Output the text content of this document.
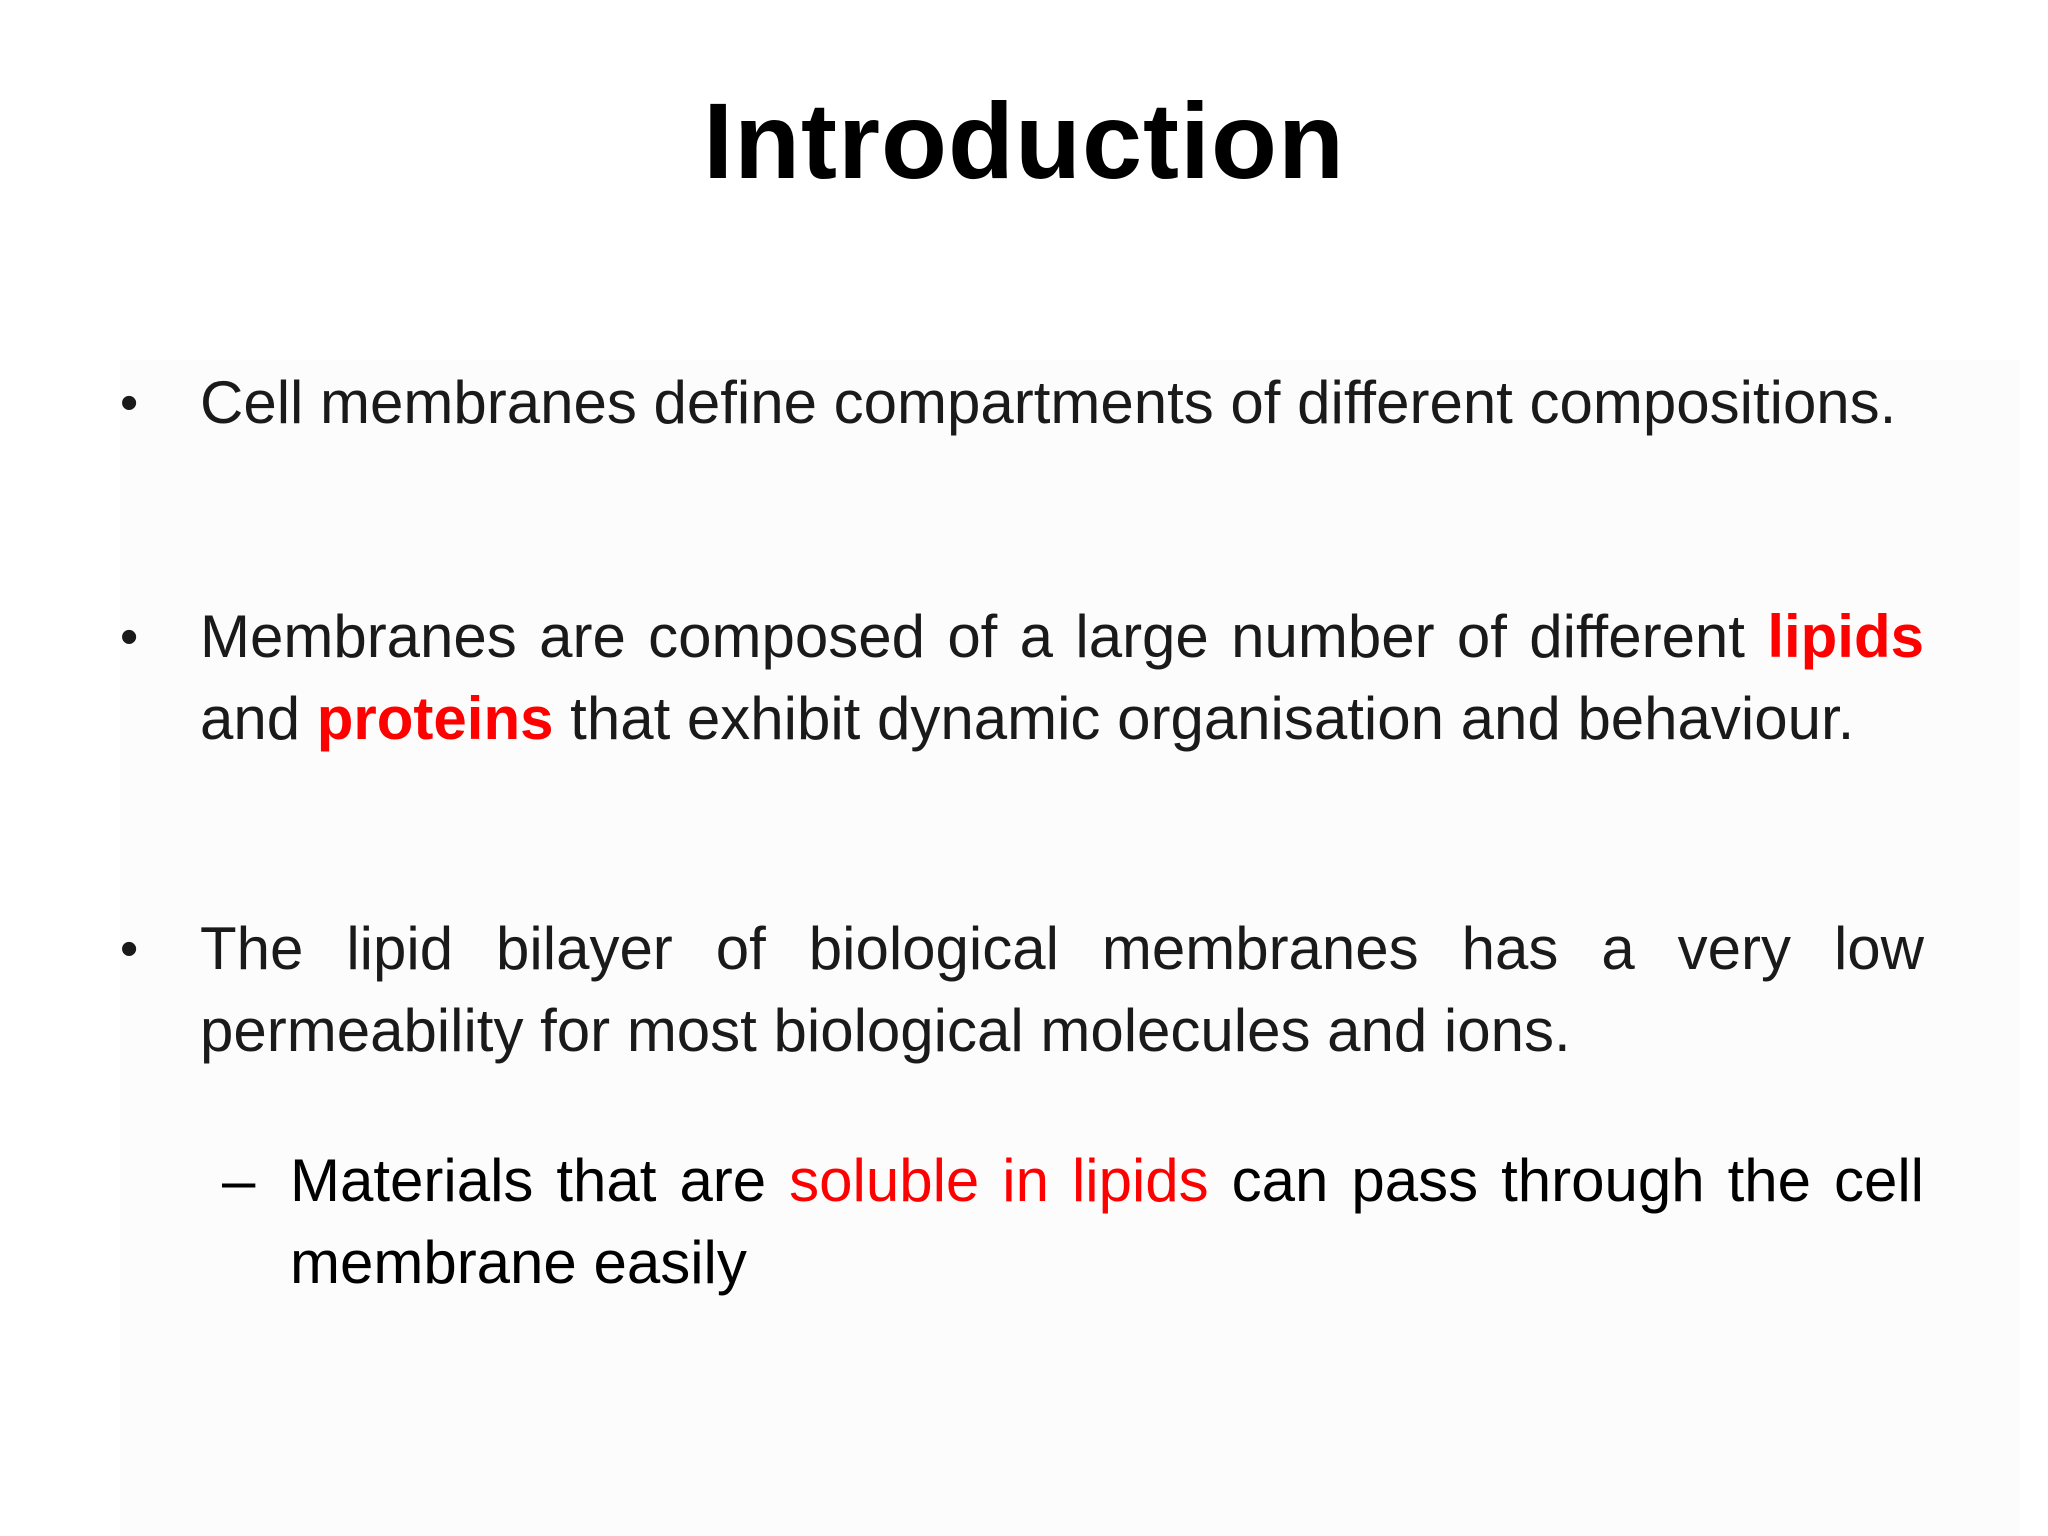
Introduction
•	Cell membranes define compartments of different compositions.
•	Membranes are composed of a large number of different lipids and proteins that exhibit dynamic organisation and behaviour.
•	The lipid bilayer of biological membranes has a very low permeability for most biological molecules and ions.
– Materials that are soluble in lipids can pass through the cell membrane easily
